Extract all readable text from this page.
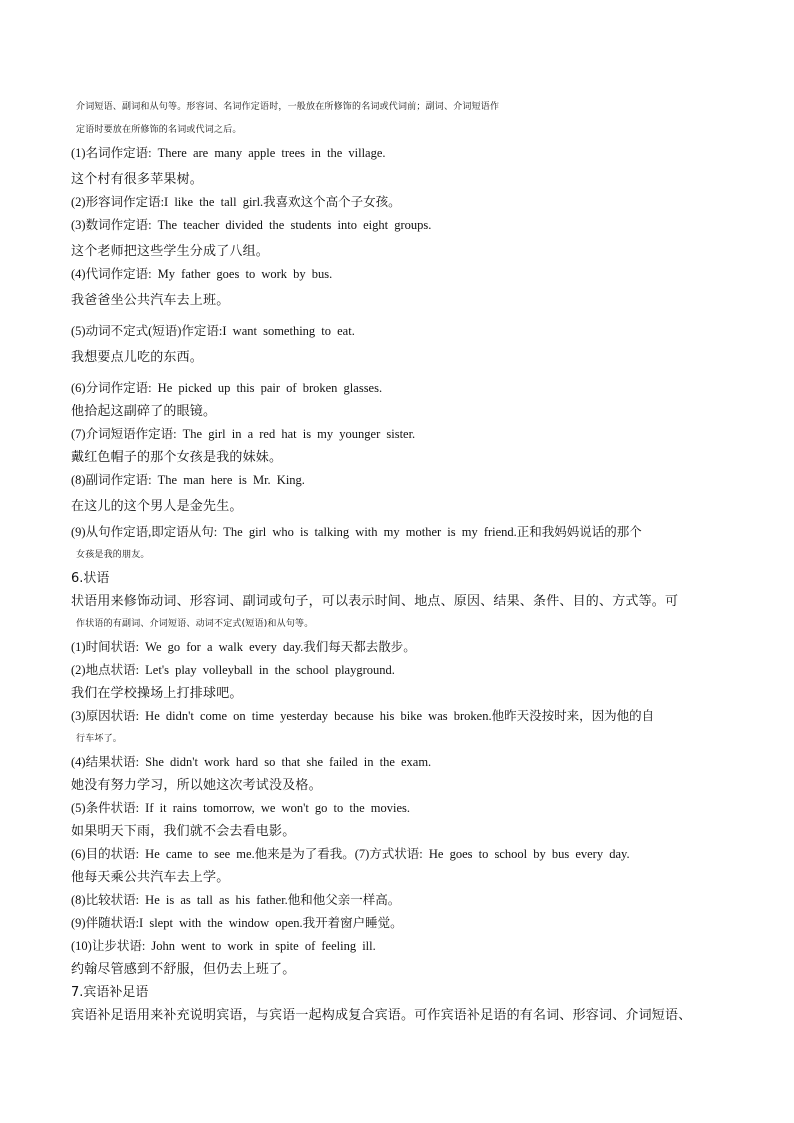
介词短语、副词和从句等。形容词、名词作定语时，一般放在所修饰的名词或代词前；副词、介词短语作
定语时要放在所修饰的名词或代词之后。
(1)名词作定语: There are many apple trees in the village.
这个村有很多苹果树。
(2)形容词作定语:I like the tall girl.我喜欢这个高个子女孩。
(3)数词作定语: The teacher divided the students into eight groups.
这个老师把这些学生分成了八组。
(4)代词作定语: My father goes to work by bus.
我爸爸坐公共汽车去上班。
(5)动词不定式(短语)作定语:I want something to eat.
我想要点儿吃的东西。
(6)分词作定语: He picked up this pair of broken glasses.
他拾起这副碎了的眼镜。
(7)介词短语作定语: The girl in a red hat is my younger sister.
戴红色帽子的那个女孩是我的妹妹。
(8)副词作定语: The man here is Mr. King.
在这儿的这个男人是金先生。
(9)从句作定语,即定语从句: The girl who is talking with my mother is my friend.正和我妈妈说话的那个
女孩是我的朋友。
6.状语
状语用来修饰动词、形容词、副词或句子，可以表示时间、地点、原因、结果、条件、目的、方式等。可
作状语的有副词、介词短语、动词不定式(短语)和从句等。
(1)时间状语: We go for a walk every day.我们每天都去散步。
(2)地点状语: Let's play volleyball in the school playground.
我们在学校操场上打排球吧。
(3)原因状语: He didn't come on time yesterday because his bike was broken.他昨天没按时来，因为他的自
行车坏了。
(4)结果状语: She didn't work hard so that she failed in the exam.
她没有努力学习，所以她这次考试没及格。
(5)条件状语: If it rains tomorrow, we won't go to the movies.
如果明天下雨，我们就不会去看电影。
(6)目的状语: He came to see me.他来是为了看我。(7)方式状语: He goes to school by bus every day.
他每天乘公共汽车去上学。
(8)比较状语: He is as tall as his father.他和他父亲一样高。
(9)伴随状语:I slept with the window open.我开着窗户睡觉。
(10)让步状语: John went to work in spite of feeling ill.
约翰尽管感到不舒服，但仍去上班了。
7.宾语补足语
宾语补足语用来补充说明宾语，与宾语一起构成复合宾语。可作宾语补足语的有名词、形容词、介词短语、
